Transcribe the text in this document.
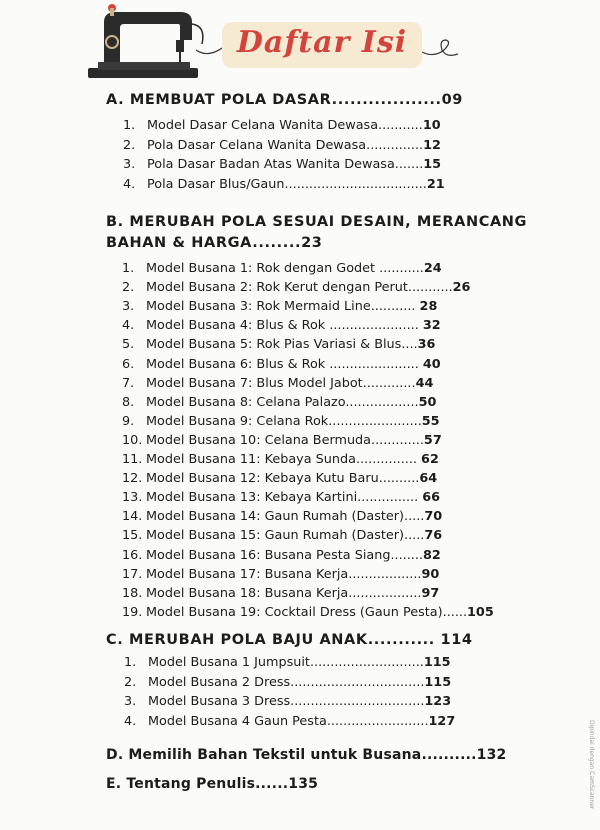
Daftar Isi
A. MEMBUAT POLA DASAR..................09
1. Model Dasar Celana Wanita Dewasa...........10
2. Pola Dasar Celana Wanita Dewasa..............12
3. Pola Dasar Badan Atas Wanita Dewasa.......15
4. Pola Dasar Blus/Gaun...................................21
B. MERUBAH POLA SESUAI DESAIN, MERANCANG
BAHAN & HARGA........23
1. Model Busana 1: Rok dengan Godet ...........24
2. Model Busana 2: Rok Kerut dengan Perut...........26
3. Model Busana 3: Rok Mermaid Line........... 28
4. Model Busana 4: Blus & Rok ...................... 32
5. Model Busana 5: Rok Pias Variasi & Blus....36
6. Model Busana 6: Blus & Rok ...................... 40
7. Model Busana 7: Blus Model Jabot.............44
8. Model Busana 8: Celana Palazo..................50
9. Model Busana 9: Celana Rok.......................55
10. Model Busana 10: Celana Bermuda.............57
11. Model Busana 11: Kebaya Sunda............... 62
12. Model Busana 12: Kebaya Kutu Baru..........64
13. Model Busana 13: Kebaya Kartini............... 66
14. Model Busana 14: Gaun Rumah (Daster).....70
15. Model Busana 15: Gaun Rumah (Daster).....76
16. Model Busana 16: Busana Pesta Siang........82
17. Model Busana 17: Busana Kerja..................90
18. Model Busana 18: Busana Kerja..................97
19. Model Busana 19: Cocktail Dress (Gaun Pesta)......105
C. MERUBAH POLA BAJU ANAK........... 114
1. Model Busana 1 Jumpsuit............................115
2. Model Busana 2 Dress.................................115
3. Model Busana 3 Dress.................................123
4. Model Busana 4 Gaun Pesta.........................127
D. Memilih Bahan Tekstil untuk Busana..........132
E. Tentang Penulis......135	Dipindai dengan CamScanner
